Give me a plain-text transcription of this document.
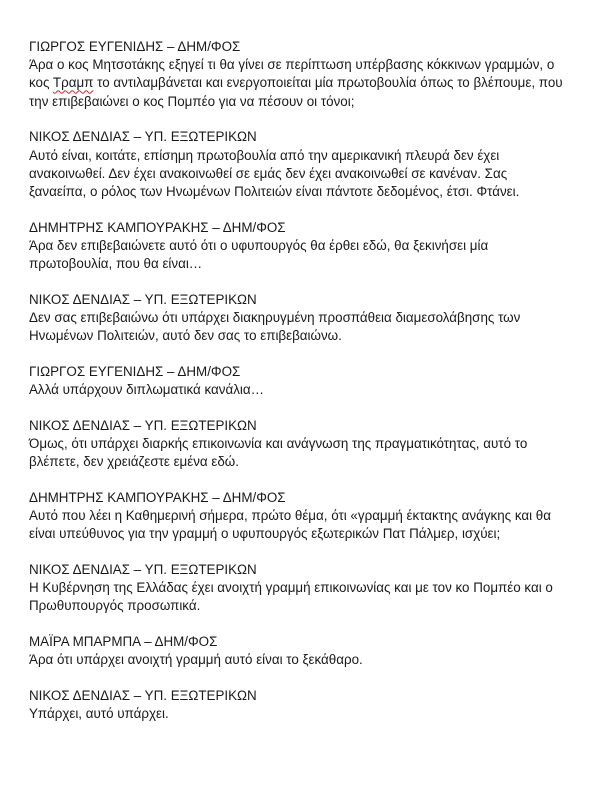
ΓΙΩΡΓΟΣ ΕΥΓΕΝΙΔΗΣ – ΔΗΜ/ΦΟΣ
Άρα ο κος Μητσοτάκης εξηγεί τι θα γίνει σε περίπτωση υπέρβασης κόκκινων γραμμών, ο
κος Τραμπ το αντιλαμβάνεται και ενεργοποιείται μία πρωτοβουλία όπως το βλέπουμε, που
την επιβεβαιώνει ο κος Πομπέο για να πέσουν οι τόνοι;
ΝΙΚΟΣ ΔΕΝΔΙΑΣ – ΥΠ. ΕΞΩΤΕΡΙΚΩΝ
Αυτό είναι, κοιτάτε, επίσημη πρωτοβουλία από την αμερικανική πλευρά δεν έχει
ανακοινωθεί. Δεν έχει ανακοινωθεί σε εμάς δεν έχει ανακοινωθεί σε κανέναν. Σας
ξαναείπα, ο ρόλος των Ηνωμένων Πολιτειών είναι πάντοτε δεδομένος, έτσι. Φτάνει.
ΔΗΜΗΤΡΗΣ ΚΑΜΠΟΥΡΑΚΗΣ – ΔΗΜ/ΦΟΣ
Άρα δεν επιβεβαιώνετε αυτό ότι ο υφυπουργός θα έρθει εδώ, θα ξεκινήσει μία
πρωτοβουλία, που θα είναι…
ΝΙΚΟΣ ΔΕΝΔΙΑΣ – ΥΠ. ΕΞΩΤΕΡΙΚΩΝ
Δεν σας επιβεβαιώνω ότι υπάρχει διακηρυγμένη προσπάθεια διαμεσολάβησης των
Ηνωμένων Πολιτειών, αυτό δεν σας το επιβεβαιώνω.
ΓΙΩΡΓΟΣ ΕΥΓΕΝΙΔΗΣ – ΔΗΜ/ΦΟΣ
Αλλά υπάρχουν διπλωματικά κανάλια…
ΝΙΚΟΣ ΔΕΝΔΙΑΣ – ΥΠ. ΕΞΩΤΕΡΙΚΩΝ
Όμως, ότι υπάρχει διαρκής επικοινωνία και ανάγνωση της πραγματικότητας, αυτό το
βλέπετε, δεν χρειάζεστε εμένα εδώ.
ΔΗΜΗΤΡΗΣ ΚΑΜΠΟΥΡΑΚΗΣ – ΔΗΜ/ΦΟΣ
Αυτό που λέει η Καθημερινή σήμερα, πρώτο θέμα, ότι «γραμμή έκτακτης ανάγκης και θα
είναι υπεύθυνος για την γραμμή ο υφυπουργός εξωτερικών Πατ Πάλμερ, ισχύει;
ΝΙΚΟΣ ΔΕΝΔΙΑΣ – ΥΠ. ΕΞΩΤΕΡΙΚΩΝ
Η Κυβέρνηση της Ελλάδας έχει ανοιχτή γραμμή επικοινωνίας και με τον κο Πομπέο και ο
Πρωθυπουργός προσωπικά.
ΜΑΪΡΑ ΜΠΑΡΜΠΑ – ΔΗΜ/ΦΟΣ
Άρα ότι υπάρχει ανοιχτή γραμμή αυτό είναι το ξεκάθαρο.
ΝΙΚΟΣ ΔΕΝΔΙΑΣ – ΥΠ. ΕΞΩΤΕΡΙΚΩΝ
Υπάρχει, αυτό υπάρχει.
